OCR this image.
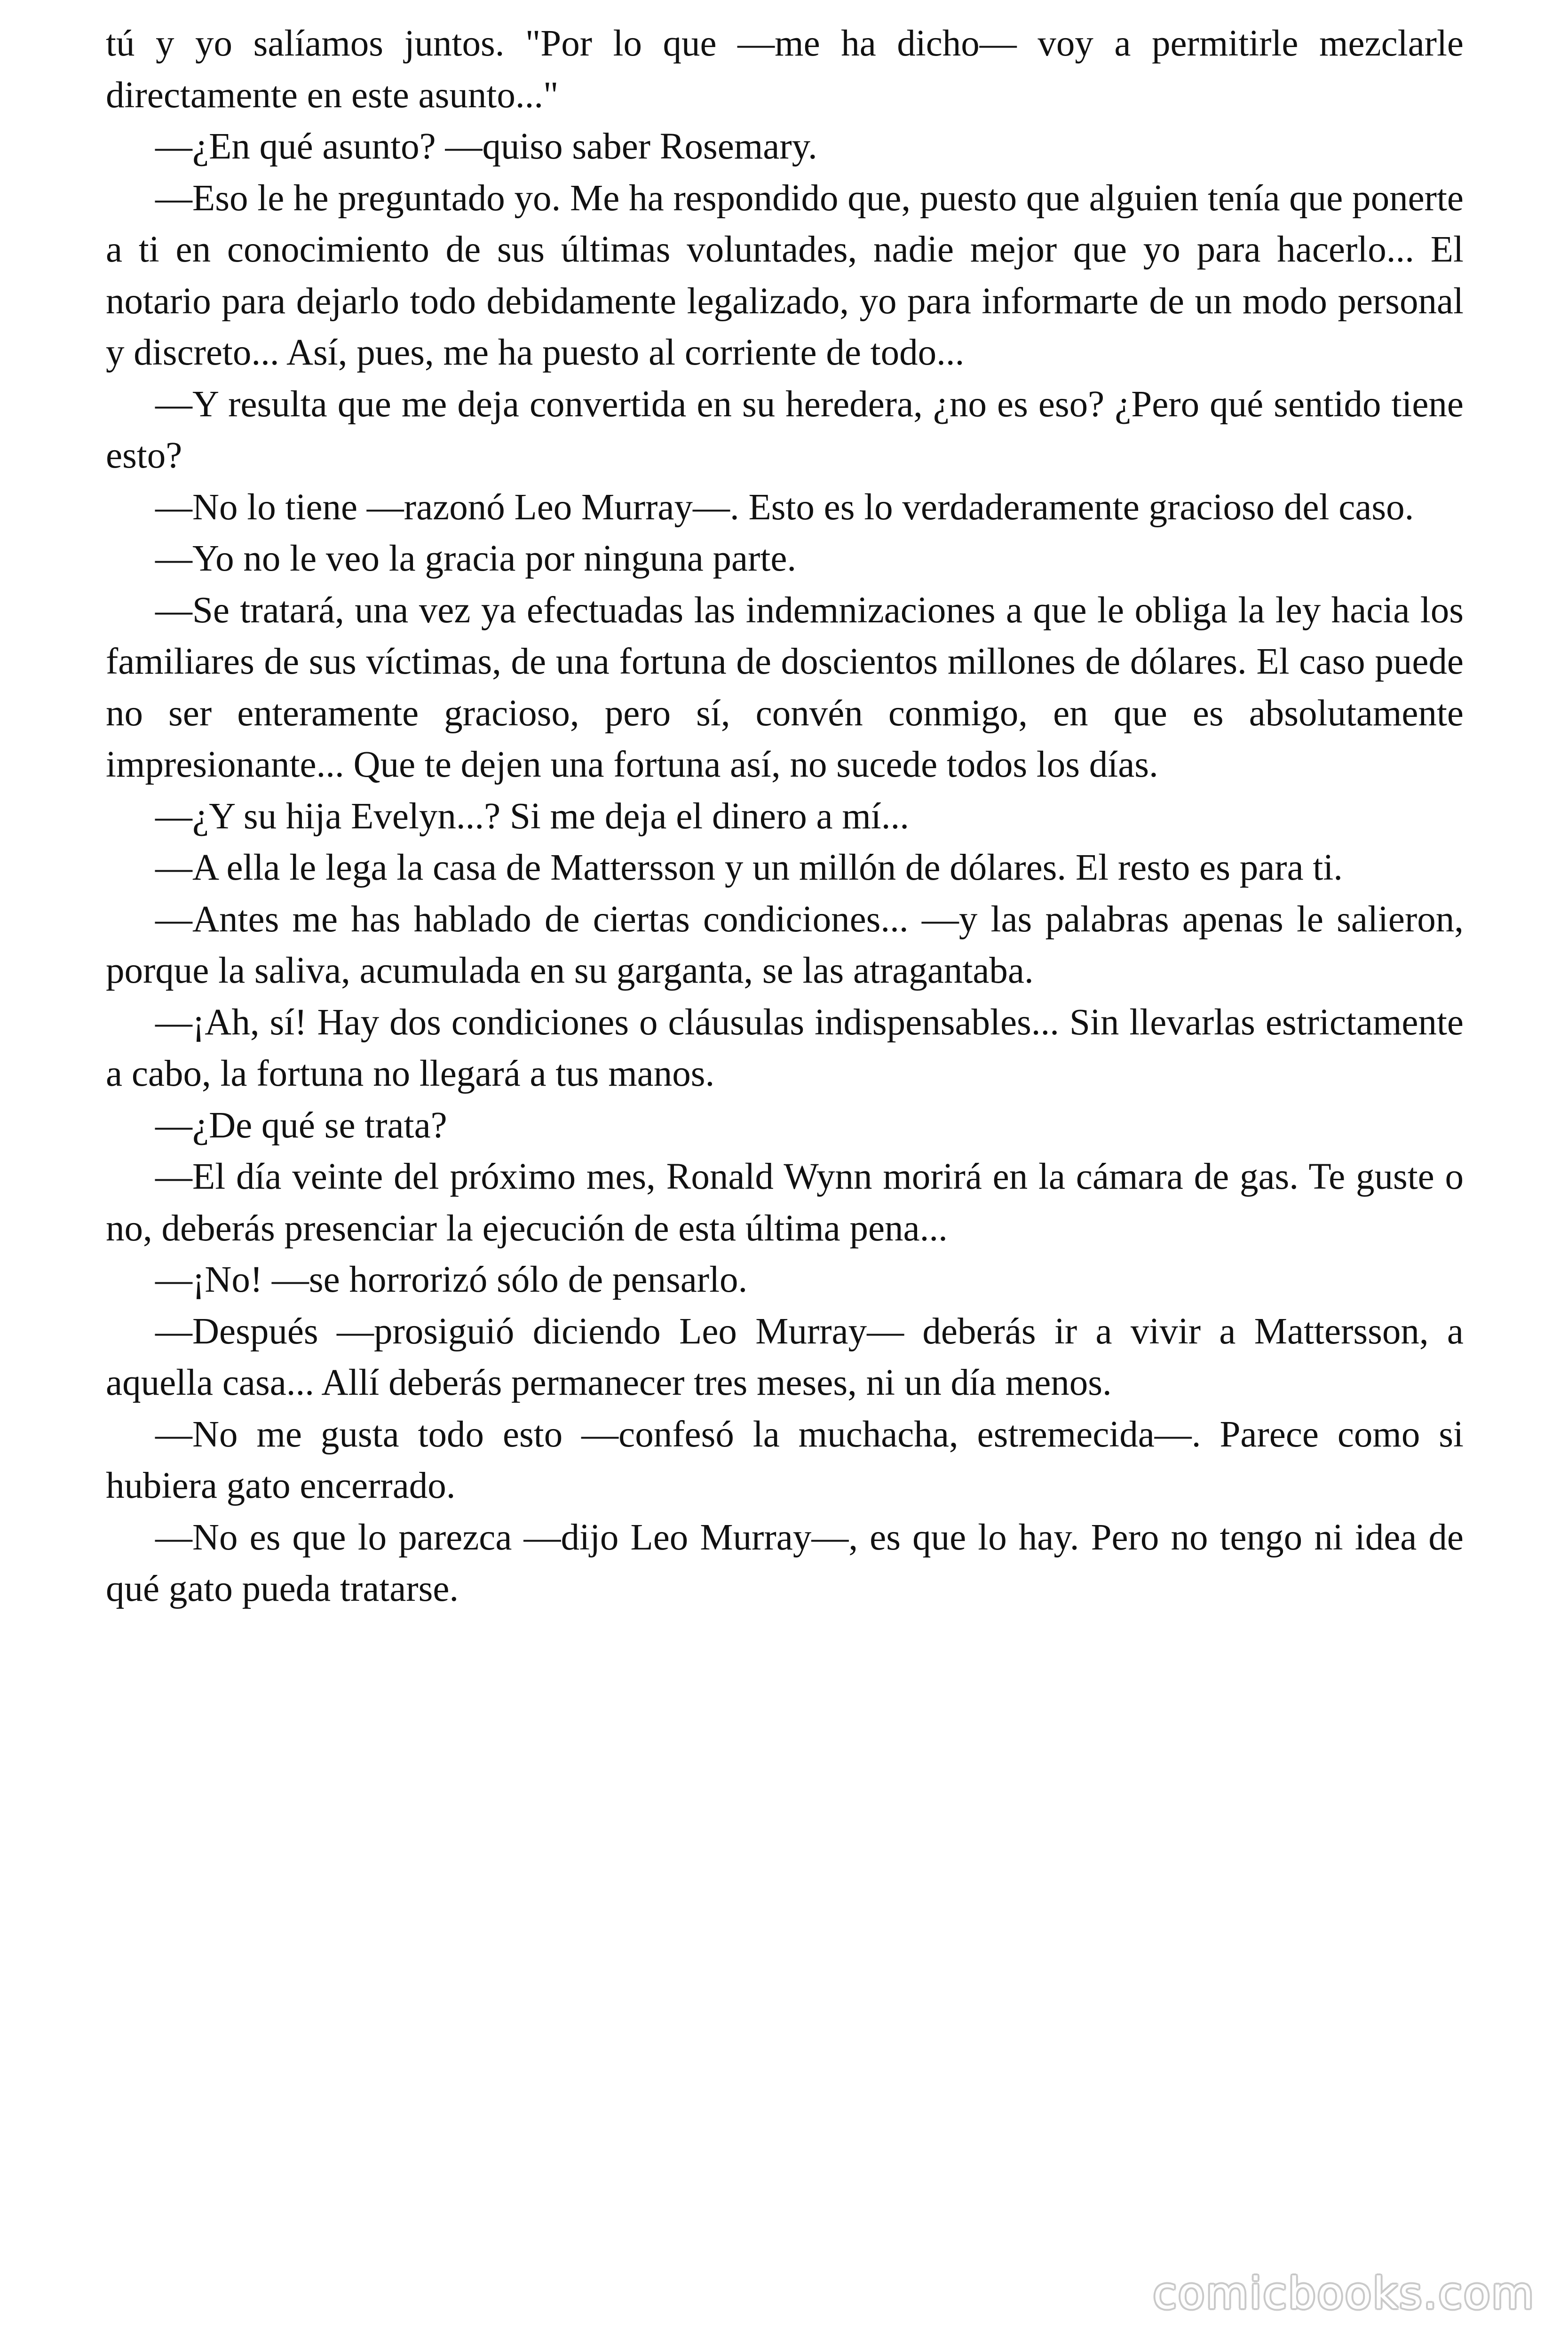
tú y yo salíamos juntos. "Por lo que —me ha dicho— voy a permitirle mezclarle directamente en este asunto..."

—¿En qué asunto? —quiso saber Rosemary.

—Eso le he preguntado yo. Me ha respondido que, puesto que alguien tenía que ponerte a ti en conocimiento de sus últimas voluntades, nadie mejor que yo para hacerlo... El notario para dejarlo todo debidamente legalizado, yo para informarte de un modo personal y discreto... Así, pues, me ha puesto al corriente de todo...

—Y resulta que me deja convertida en su heredera, ¿no es eso? ¿Pero qué sentido tiene esto?

—No lo tiene —razonó Leo Murray—. Esto es lo verdaderamente gracioso del caso.

—Yo no le veo la gracia por ninguna parte.

—Se tratará, una vez ya efectuadas las indemnizaciones a que le obliga la ley hacia los familiares de sus víctimas, de una fortuna de doscientos millones de dólares. El caso puede no ser enteramente gracioso, pero sí, convén conmigo, en que es absolutamente impresionante... Que te dejen una fortuna así, no sucede todos los días.

—¿Y su hija Evelyn...? Si me deja el dinero a mí...

—A ella le lega la casa de Mattersson y un millón de dólares. El resto es para ti.

—Antes me has hablado de ciertas condiciones... —y las palabras apenas le salieron, porque la saliva, acumulada en su garganta, se las atragantaba.

—¡Ah, sí! Hay dos condiciones o cláusulas indispensables... Sin llevarlas estrictamente a cabo, la fortuna no llegará a tus manos.

—¿De qué se trata?

—El día veinte del próximo mes, Ronald Wynn morirá en la cámara de gas. Te guste o no, deberás presenciar la ejecución de esta última pena...

—¡No! —se horrorizó sólo de pensarlo.

—Después —prosiguió diciendo Leo Murray— deberás ir a vivir a Mattersson, a aquella casa... Allí deberás permanecer tres meses, ni un día menos.

—No me gusta todo esto —confesó la muchacha, estremecida—. Parece como si hubiera gato encerrado.

—No es que lo parezca —dijo Leo Murray—, es que lo hay. Pero no tengo ni idea de qué gato pueda tratarse.

comicbooks.com
